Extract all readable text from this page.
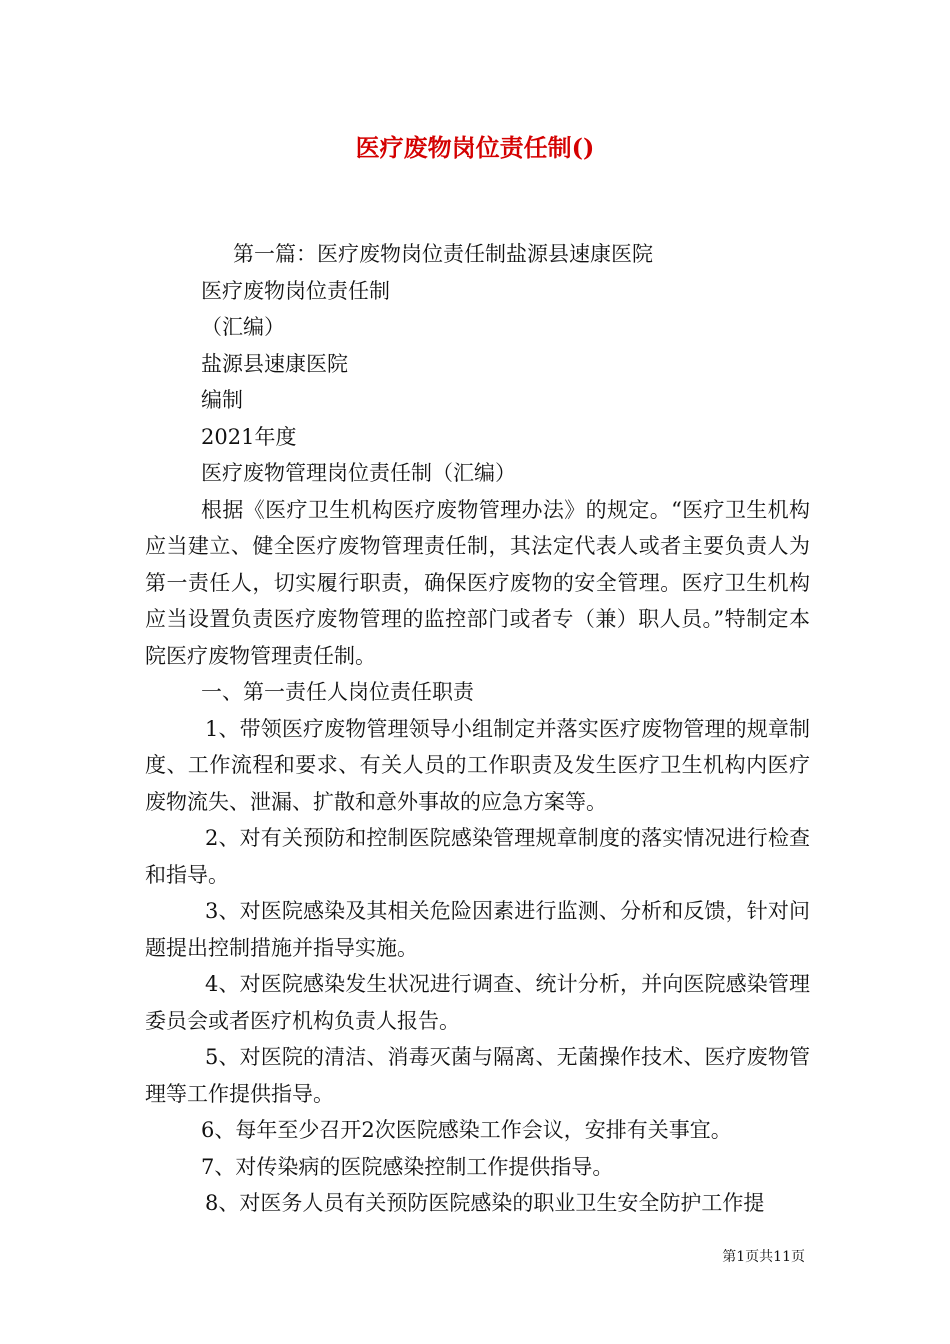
医疗废物岗位责任制()

第一篇：医疗废物岗位责任制盐源县速康医院

医疗废物岗位责任制

（汇编）

盐源县速康医院

编制

2021年度

医疗废物管理岗位责任制（汇编）

根据《医疗卫生机构医疗废物管理办法》的规定。“医疗卫生机构应当建立、健全医疗废物管理责任制，其法定代表人或者主要负责人为第一责任人，切实履行职责，确保医疗废物的安全管理。医疗卫生机构应当设置负责医疗废物管理的监控部门或者专（兼）职人员。”特制定本院医疗废物管理责任制。

一、第一责任人岗位责任职责

1、带领医疗废物管理领导小组制定并落实医疗废物管理的规章制度、工作流程和要求、有关人员的工作职责及发生医疗卫生机构内医疗废物流失、泄漏、扩散和意外事故的应急方案等。

2、对有关预防和控制医院感染管理规章制度的落实情况进行检查和指导。

3、对医院感染及其相关危险因素进行监测、分析和反馈，针对问题提出控制措施并指导实施。

4、对医院感染发生状况进行调查、统计分析，并向医院感染管理委员会或者医疗机构负责人报告。

5、对医院的清洁、消毒灭菌与隔离、无菌操作技术、医疗废物管理等工作提供指导。

6、每年至少召开2次医院感染工作会议，安排有关事宜。

7、对传染病的医院感染控制工作提供指导。

8、对医务人员有关预防医院感染的职业卫生安全防护工作提

第1页共11页
